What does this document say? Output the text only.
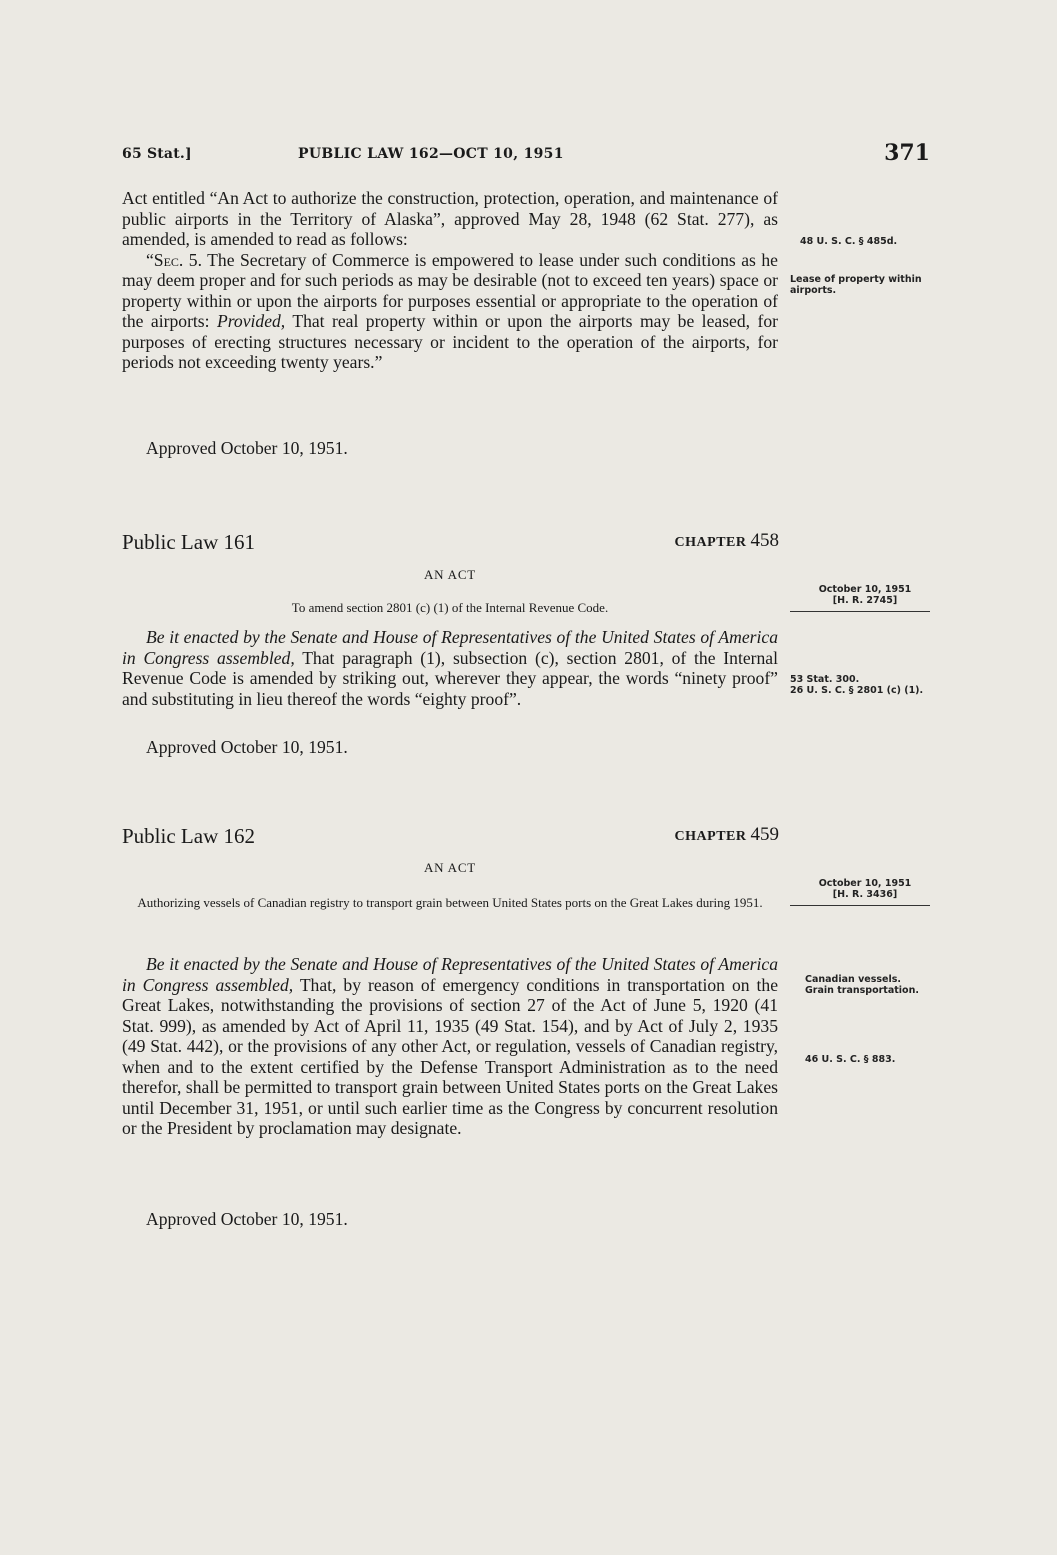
65 Stat.]	PUBLIC LAW 162—OCT 10, 1951	371

Act entitled “An Act to authorize the construction, protection, operation, and maintenance of public airports in the Territory of Alaska”, approved May 28, 1948 (62 Stat. 277), as amended, is amended to read as follows:

“Sec. 5. The Secretary of Commerce is empowered to lease under such conditions as he may deem proper and for such periods as may be desirable (not to exceed ten years) space or property within or upon the airports for purposes essential or appropriate to the operation of the airports: Provided, That real property within or upon the airports may be leased, for purposes of erecting structures necessary or incident to the operation of the airports, for periods not exceeding twenty years.”

Approved October 10, 1951.
48 U. S. C. § 485d.
Lease of property within airports.
Public Law 161	CHAPTER 458
AN ACT
To amend section 2801 (c) (1) of the Internal Revenue Code.
October 10, 1951
[H. R. 2745]

Be it enacted by the Senate and House of Representatives of the United States of America in Congress assembled, That paragraph (1), subsection (c), section 2801, of the Internal Revenue Code is amended by striking out, wherever they appear, the words “ninety proof” and substituting in lieu thereof the words “eighty proof”.

Approved October 10, 1951.
53 Stat. 300.
26 U. S. C. § 2801 (c) (1).
Public Law 162	CHAPTER 459
AN ACT
Authorizing vessels of Canadian registry to transport grain between United States ports on the Great Lakes during 1951.
October 10, 1951
[H. R. 3436]

Be it enacted by the Senate and House of Representatives of the United States of America in Congress assembled, That, by reason of emergency conditions in transportation on the Great Lakes, notwithstanding the provisions of section 27 of the Act of June 5, 1920 (41 Stat. 999), as amended by Act of April 11, 1935 (49 Stat. 154), and by Act of July 2, 1935 (49 Stat. 442), or the provisions of any other Act, or regulation, vessels of Canadian registry, when and to the extent certified by the Defense Transport Administration as to the need therefor, shall be permitted to transport grain between United States ports on the Great Lakes until December 31, 1951, or until such earlier time as the Congress by concurrent resolution or the President by proclamation may designate.

Approved October 10, 1951.
Canadian vessels.
Grain transportation.
46 U. S. C. § 883.
